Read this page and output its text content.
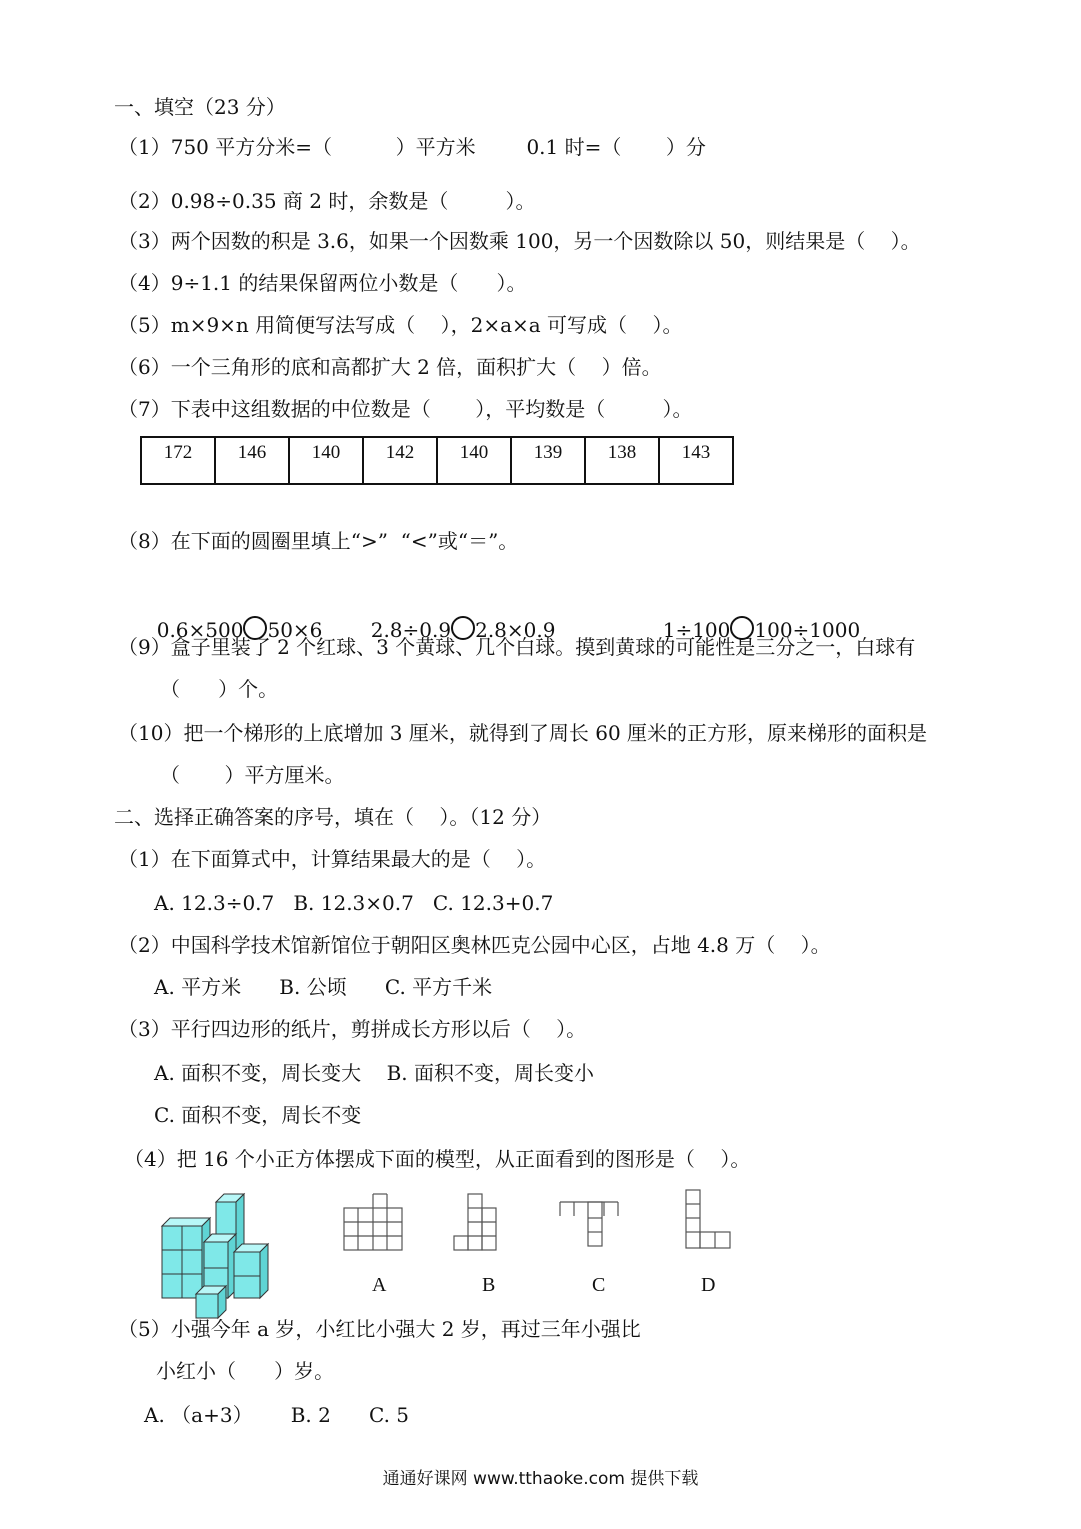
一、填空（23 分）
（1）750 平方分米=（          ）平方米        0.1 时=（       ）分
（2）0.98÷0.35 商 2 时，余数是（         ）。
（3）两个因数的积是 3.6，如果一个因数乘 100，另一个因数除以 50，则结果是（    ）。
（4）9÷1.1 的结果保留两位小数是（      ）。
（5）m×9×n 用简便写法写成（    ），2×a×a 可写成（    ）。
（6）一个三角形的底和高都扩大 2 倍，面积扩大（    ）倍。
（7）下表中这组数据的中位数是（       ），平均数是（         ）。
172	146	140	142	140	139	138	143
（8）在下面的圆圈里填上“>”  “<”或“＝”。

0.6×500 50×6	2.8÷0.9 2.8×0.9	1÷100 100÷1000

（9）盒子里装了 2 个红球、3 个黄球、几个白球。摸到黄球的可能性是三分之一，白球有
（      ）个。
（10）把一个梯形的上底增加 3 厘米，就得到了周长 60 厘米的正方形，原来梯形的面积是
（       ）平方厘米。
二、选择正确答案的序号，填在（    ）。（12 分）
（1）在下面算式中，计算结果最大的是（    ）。
A. 12.3÷0.7   B. 12.3×0.7   C. 12.3+0.7
（2）中国科学技术馆新馆位于朝阳区奥林匹克公园中心区，占地 4.8 万（    ）。
A. 平方米      B. 公顷      C. 平方千米
（3）平行四边形的纸片，剪拼成长方形以后（    ）。
A. 面积不变，周长变大    B. 面积不变，周长变小
C. 面积不变，周长不变
（4）把 16 个小正方体摆成下面的模型，从正面看到的图形是（    ）。
A	B	C	D
（5）小强今年 a 岁，小红比小强大 2 岁，再过三年小强比
小红小（      ）岁。
A. （a+3）      B. 2      C. 5
通通好课网 www.tthaoke.com 提供下载
